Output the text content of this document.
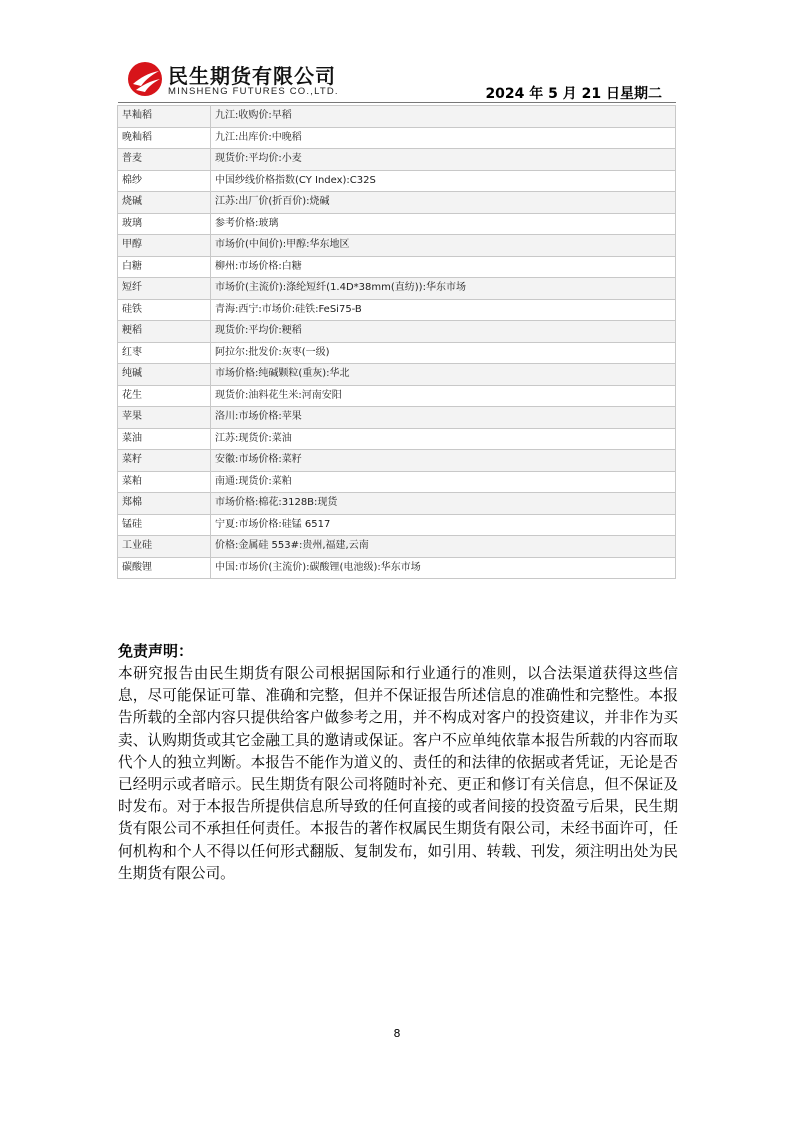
民生期货有限公司
MINSHENG FUTURES CO.,LTD.	2024 年 5 月 21 日星期二
早籼稻	九江:收购价:早稻
晚籼稻	九江:出库价:中晚稻
普麦	现货价:平均价:小麦
棉纱	中国纱线价格指数(CY Index):C32S
烧碱	江苏:出厂价(折百价):烧碱
玻璃	参考价格:玻璃
甲醇	市场价(中间价):甲醇:华东地区
白糖	柳州:市场价格:白糖
短纤	市场价(主流价):涤纶短纤(1.4D*38mm(直纺)):华东市场
硅铁	青海:西宁:市场价:硅铁:FeSi75-B
粳稻	现货价:平均价:粳稻
红枣	阿拉尔:批发价:灰枣(一级)
纯碱	市场价格:纯碱颗粒(重灰):华北
花生	现货价:油料花生米:河南安阳
苹果	洛川:市场价格:苹果
菜油	江苏:现货价:菜油
菜籽	安徽:市场价格:菜籽
菜粕	南通:现货价:菜粕
郑棉	市场价格:棉花:3128B:现货
锰硅	宁夏:市场价格:硅锰 6517
工业硅	价格:金属硅 553#:贵州,福建,云南
碳酸锂	中国:市场价(主流价):碳酸锂(电池级):华东市场
免责声明：

本研究报告由民生期货有限公司根据国际和行业通行的准则，以合法渠道获得这些信息，尽可能保证可靠、准确和完整，但并不保证报告所述信息的准确性和完整性。本报告所载的全部内容只提供给客户做参考之用，并不构成对客户的投资建议，并非作为买卖、认购期货或其它金融工具的邀请或保证。客户不应单纯依靠本报告所载的内容而取代个人的独立判断。本报告不能作为道义的、责任的和法律的依据或者凭证，无论是否已经明示或者暗示。民生期货有限公司将随时补充、更正和修订有关信息，但不保证及时发布。对于本报告所提供信息所导致的任何直接的或者间接的投资盈亏后果，民生期货有限公司不承担任何责任。本报告的著作权属民生期货有限公司，未经书面许可，任何机构和个人不得以任何形式翻版、复制发布，如引用、转载、刊发，须注明出处为民生期货有限公司。

8
